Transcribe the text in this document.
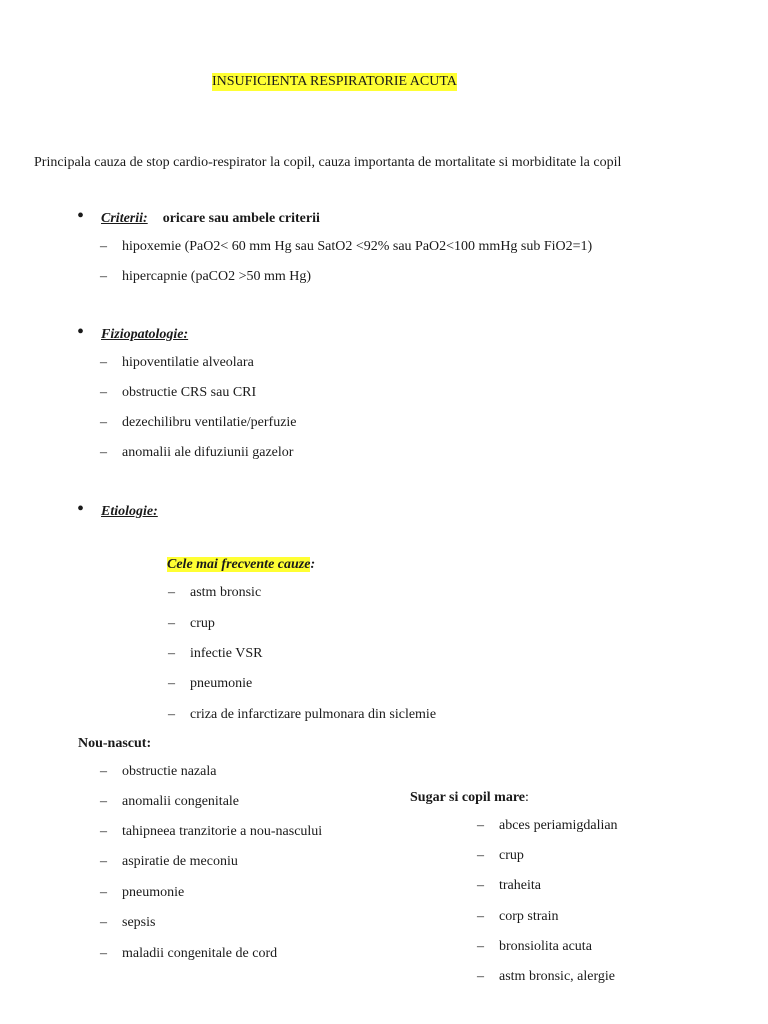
INSUFICIENTA RESPIRATORIE ACUTA
Principala cauza de stop cardio-respirator la copil, cauza importanta de mortalitate si morbiditate la copil
• Criterii: oricare sau ambele criterii
– hipoxemie (PaO2< 60 mm Hg sau SatO2 <92% sau PaO2<100 mmHg sub FiO2=1)
– hipercapnie (paCO2 >50 mm Hg)
• Fiziopatologie:
– hipoventilatie alveolara
– obstructie CRS sau CRI
– dezechilibru ventilatie/perfuzie
– anomalii ale difuziunii gazelor
• Etiologie:
Cele mai frecvente cauze:
– astm bronsic
– crup
– infectie VSR
– pneumonie
– criza de infarctizare pulmonara din siclemie
Nou-nascut:
– obstructie nazala
– anomalii congenitale
– tahipneea tranzitorie a nou-nascului
– aspiratie de meconiu
– pneumonie
– sepsis
– maladii congenitale de cord
Sugar si copil mare:
– abces periamigdalian
– crup
– traheita
– corp strain
– bronsiolita acuta
– astm bronsic, alergie
